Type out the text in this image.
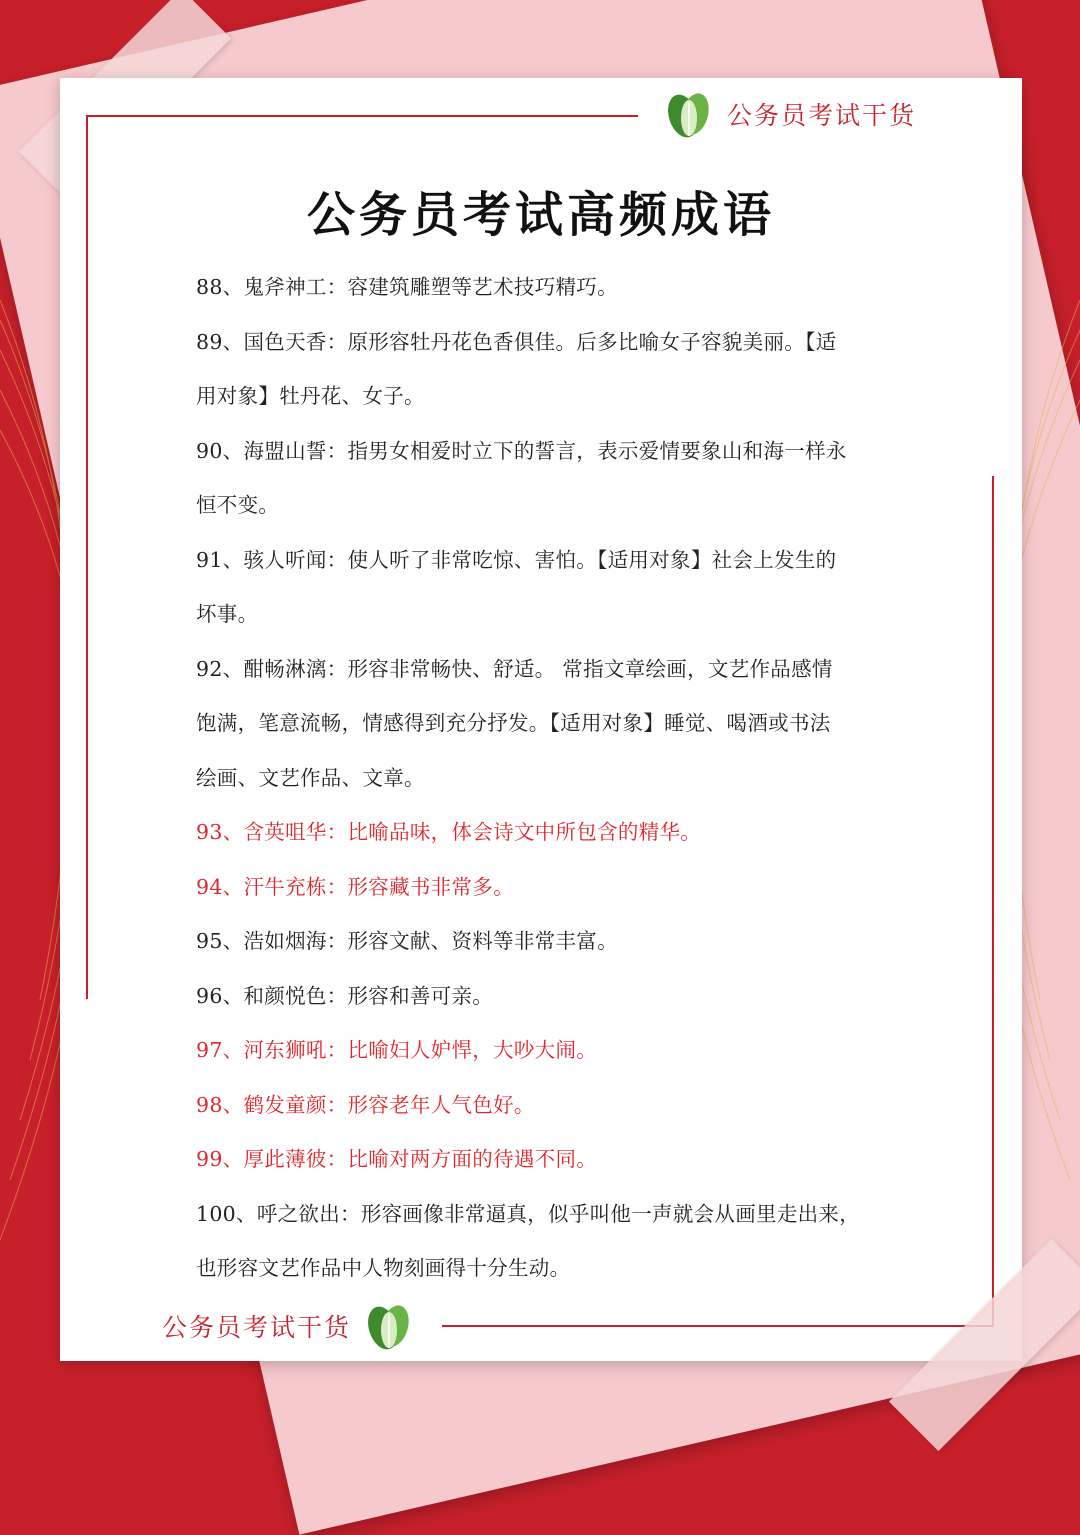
公务员考试干货
公务员考试高频成语
88、鬼斧神工：容建筑雕塑等艺术技巧精巧。
89、国色天香：原形容牡丹花色香俱佳。后多比喻女子容貌美丽。【适
用对象】牡丹花、女子。
90、海盟山誓：指男女相爱时立下的誓言，表示爱情要象山和海一样永
恒不变。
91、骇人听闻：使人听了非常吃惊、害怕。【适用对象】社会上发生的
坏事。
92、酣畅淋漓：形容非常畅快、舒适。 常指文章绘画，文艺作品感情
饱满，笔意流畅，情感得到充分抒发。【适用对象】睡觉、喝酒或书法
绘画、文艺作品、文章。
93、含英咀华：比喻品味，体会诗文中所包含的精华。
94、汗牛充栋：形容藏书非常多。
95、浩如烟海：形容文献、资料等非常丰富。
96、和颜悦色：形容和善可亲。
97、河东狮吼：比喻妇人妒悍，大吵大闹。
98、鹤发童颜：形容老年人气色好。
99、厚此薄彼：比喻对两方面的待遇不同。
100、呼之欲出：形容画像非常逼真，似乎叫他一声就会从画里走出来，
也形容文艺作品中人物刻画得十分生动。
公务员考试干货
